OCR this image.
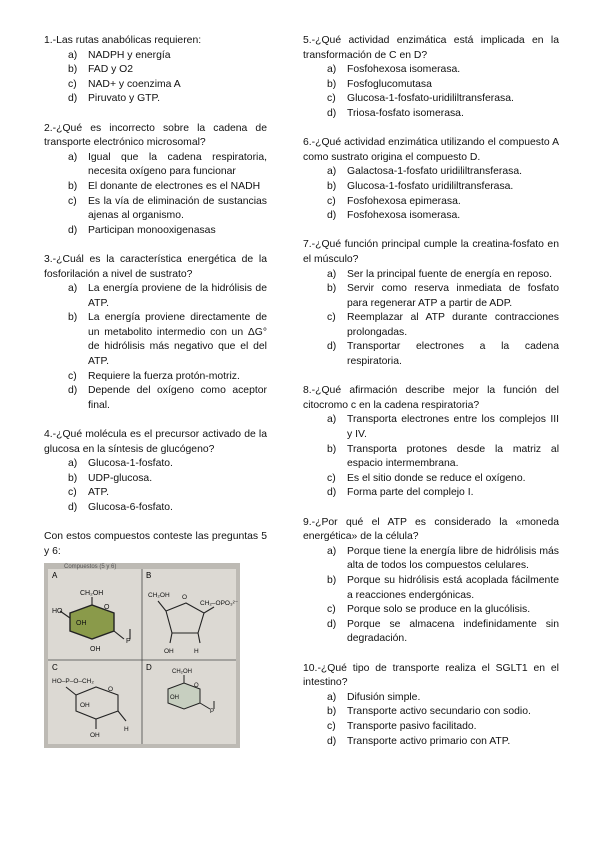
1.-Las rutas anabólicas requieren:
a)	NADPH y energía
b)	FAD y O2
c)	NAD+ y coenzima A
d)	Piruvato y GTP.
2.-¿Qué es incorrecto sobre la cadena de transporte electrónico microsomal?
a)	Igual que la cadena respiratoria, necesita oxígeno para funcionar
b)	El donante de electrones es el NADH
c)	Es la vía de eliminación de sustancias ajenas al organismo.
d)	Participan monooxigenasas
3.-¿Cuál es la característica energética de la fosforilación a nivel de sustrato?
a)	La energía proviene de la hidrólisis de ATP.
b)	La energía proviene directamente de un metabolito intermedio con un ΔG° de hidrólisis más negativo que el del ATP.
c)	Requiere la fuerza protón-motriz.
d)	Depende del oxígeno como aceptor final.
4.-¿Qué molécula es el precursor activado de la glucosa en la síntesis de glucógeno?
a)	Glucosa-1-fosfato.
b)	UDP-glucosa.
c)	ATP.
d)	Glucosa-6-fosfato.
Con estos compuestos conteste las preguntas 5 y 6:
Compuestos (5 y 6)
A	B
C	D
CH₂OH
HO
OH
OH
O
P
CH₂OH
CH₂–OPO₃²⁻
O
OH	H
HO–P–O–CH₂
O
OH
OH
H
CH₂OH
OH
P
O
5.-¿Qué actividad enzimática está implicada en la transformación de C en D?
a)	Fosfohexosa isomerasa.
b)	Fosfoglucomutasa
c)	Glucosa-1-fosfato-uridililtransferasa.
d)	Triosa-fosfato isomerasa.
6.-¿Qué actividad enzimática utilizando el compuesto A como sustrato origina el compuesto D.
a)	Galactosa-1-fosfato uridililtransferasa.
b)	Glucosa-1-fosfato uridililtransferasa.
c)	Fosfohexosa epimerasa.
d)	Fosfohexosa isomerasa.
7.-¿Qué función principal cumple la creatina-fosfato en el músculo?
a)	Ser la principal fuente de energía en reposo.
b)	Servir como reserva inmediata de fosfato para regenerar ATP a partir de ADP.
c)	Reemplazar al ATP durante contracciones prolongadas.
d)	Transportar electrones a la cadena respiratoria.
8.-¿Qué afirmación describe mejor la función del citocromo c en la cadena respiratoria?
a)	Transporta electrones entre los complejos III y IV.
b)	Transporta protones desde la matriz al espacio intermembrana.
c)	Es el sitio donde se reduce el oxígeno.
d)	Forma parte del complejo I.
9.-¿Por qué el ATP es considerado la «moneda energética» de la célula?
a)	Porque tiene la energía libre de hidrólisis más alta de todos los compuestos celulares.
b)	Porque su hidrólisis está acoplada fácilmente a reacciones endergónicas.
c)	Porque solo se produce en la glucólisis.
d)	Porque se almacena indefinidamente sin degradación.
10.-¿Qué tipo de transporte realiza el SGLT1 en el intestino?
a)	Difusión simple.
b)	Transporte activo secundario con sodio.
c)	Transporte pasivo facilitado.
d)	Transporte activo primario con ATP.
